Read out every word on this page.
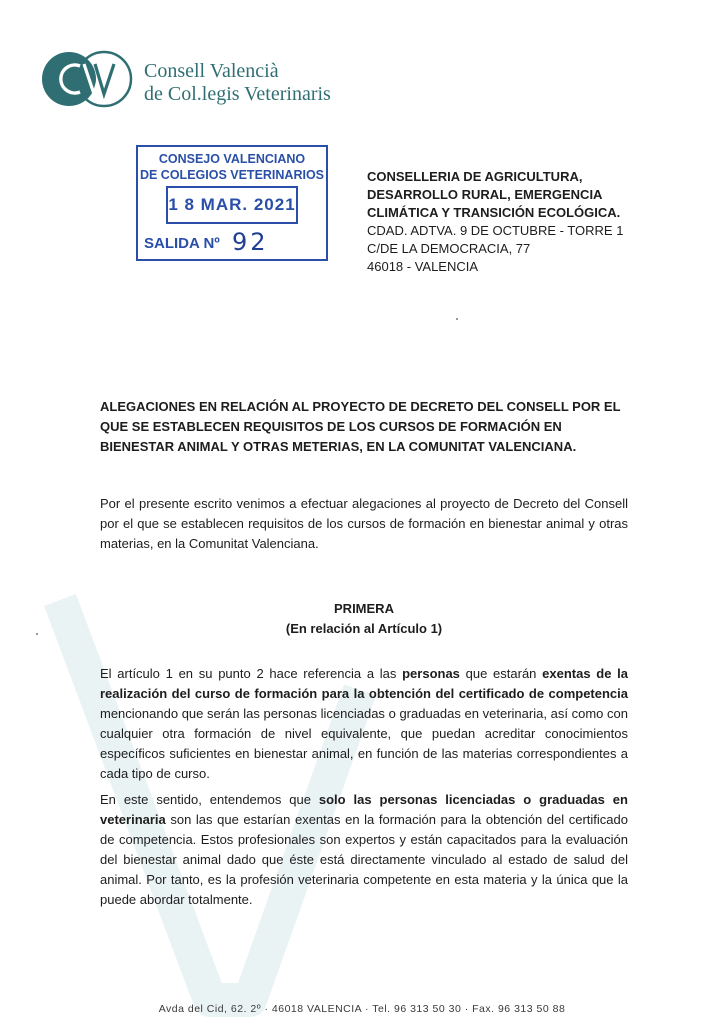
Consell Valencià
de Col.legis Veterinaris
CONSEJO VALENCIANO
DE COLEGIOS VETERINARIOS
1 8 MAR. 2021
SALIDA Nº 92
CONSELLERIA DE AGRICULTURA,
DESARROLLO RURAL, EMERGENCIA
CLIMÁTICA Y TRANSICIÓN ECOLÓGICA.
CDAD. ADTVA. 9 DE OCTUBRE - TORRE 1
C/DE LA DEMOCRACIA, 77
46018 - VALENCIA
ALEGACIONES EN RELACIÓN AL PROYECTO DE DECRETO DEL CONSELL POR EL QUE SE ESTABLECEN REQUISITOS DE LOS CURSOS DE FORMACIÓN EN BIENESTAR ANIMAL Y OTRAS METERIAS, EN LA COMUNITAT VALENCIANA.

Por el presente escrito venimos a efectuar alegaciones al proyecto de Decreto del Consell por el que se establecen requisitos de los cursos de formación en bienestar animal y otras materias, en la Comunitat Valenciana.

PRIMERA
(En relación al Artículo 1)

El artículo 1 en su punto 2 hace referencia a las personas que estarán exentas de la realización del curso de formación para la obtención del certificado de competencia mencionando que serán las personas licenciadas o graduadas en veterinaria, así como con cualquier otra formación de nivel equivalente, que puedan acreditar conocimientos específicos suficientes en bienestar animal, en función de las materias correspondientes a cada tipo de curso.

En este sentido, entendemos que solo las personas licenciadas o graduadas en veterinaria son las que estarían exentas en la formación para la obtención del certificado de competencia. Estos profesionales son expertos y están capacitados para la evaluación del bienestar animal dado que éste está directamente vinculado al estado de salud del animal. Por tanto, es la profesión veterinaria competente en esta materia y la única que la puede abordar totalmente.

Avda del Cid, 62. 2º · 46018 VALENCIA · Tel. 96 313 50 30 · Fax. 96 313 50 88
